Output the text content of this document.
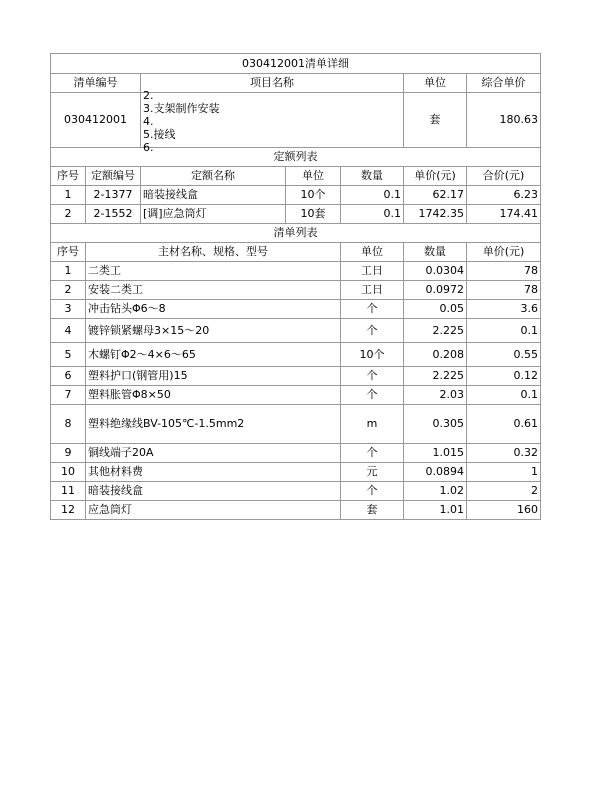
030412001清单详细							
清单编号		项目名称			单位	综合单价	
030412001		2.
3.支架制作安装
4.
5.接线
6.			套	180.63	
定额列表							
序号	定额编号	定额名称	单位	数量	单价(元)	合价(元)	
1	2-1377	暗装接线盒	10个	0.1	62.17	6.23	
2	2-1552	[调]应急筒灯	10套	0.1	1742.35	174.41	
清单列表							
序号	主材名称、规格、型号			单位	数量	单价(元)	
1	二类工			工日	0.0304	78	
2	安装二类工			工日	0.0972	78	
3	冲击钻头Φ6～8			个	0.05	3.6	
4	镀锌锁紧螺母3×15～20			个	2.225	0.1	
5	木螺钉Φ2～4×6～65			10个	0.208	0.55	
6	塑料护口(钢管用)15			个	2.225	0.12	
7	塑料胀管Φ8×50			个	2.03	0.1	
8	塑料绝缘线BV-105℃-1.5mm2			m	0.305	0.61	
9	铜线端子20A			个	1.015	0.32	
10	其他材料费			元	0.0894	1	
11	暗装接线盒			个	1.02	2	
12	应急筒灯			套	1.01	160	
